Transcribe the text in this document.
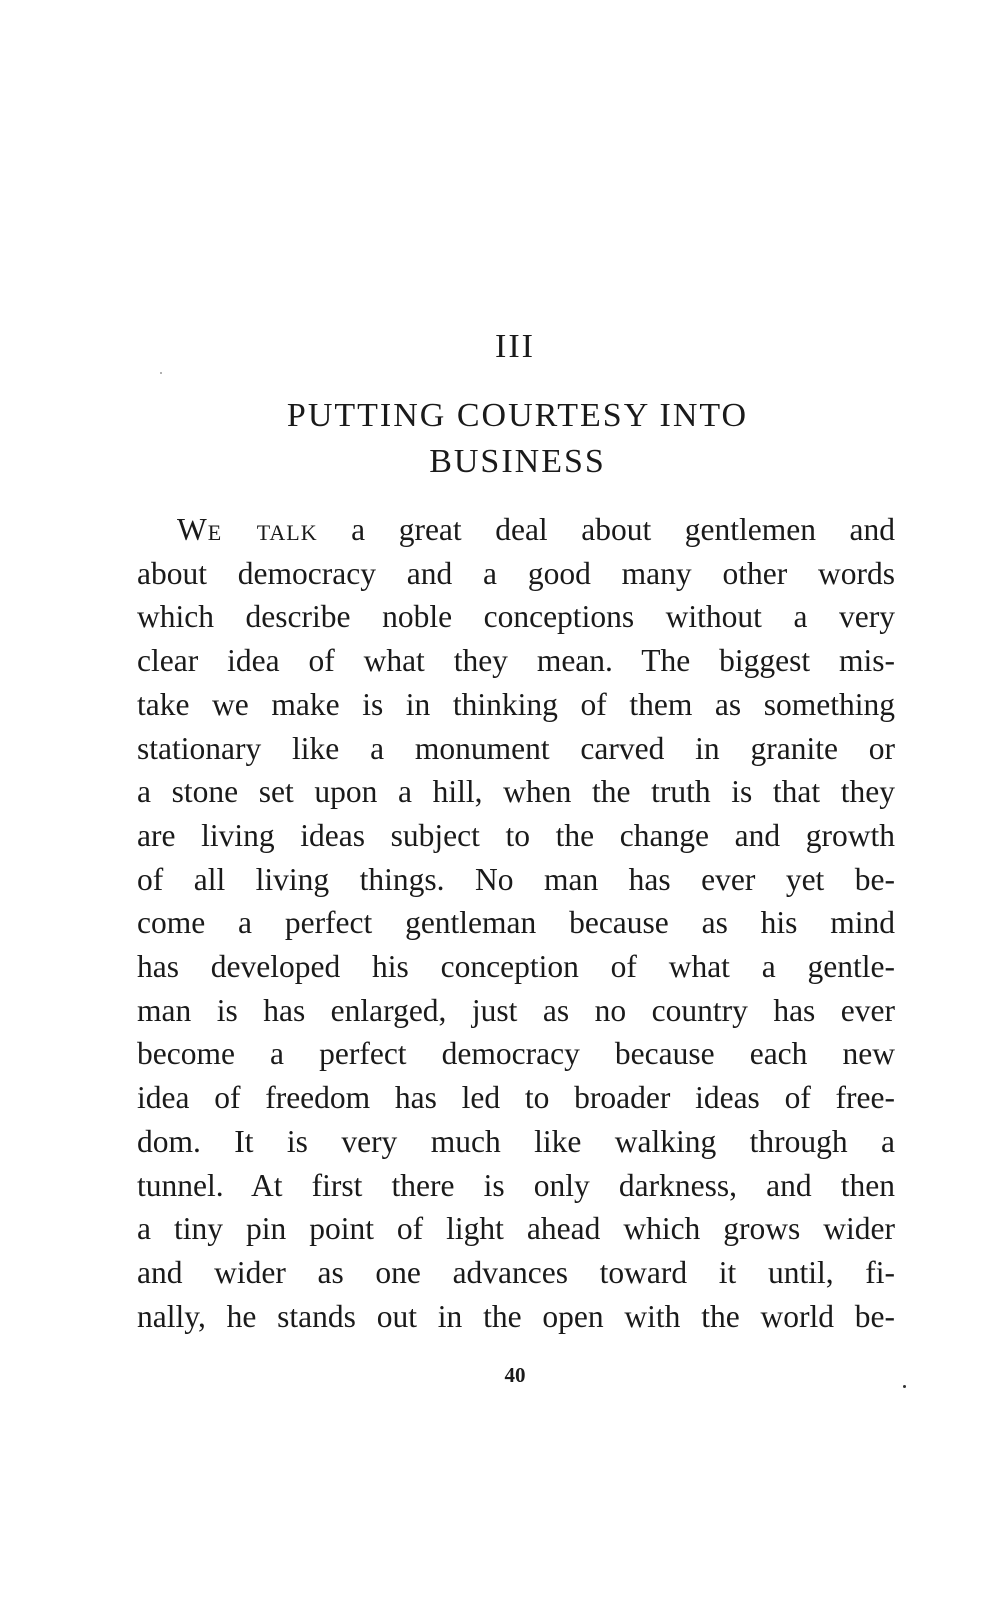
III
PUTTING COURTESY INTO
BUSINESS

We talk a great deal about gentlemen and
about democracy and a good many other words
which describe noble conceptions without a very
clear idea of what they mean. The biggest mis-
take we make is in thinking of them as something
stationary like a monument carved in granite or
a stone set upon a hill, when the truth is that they
are living ideas subject to the change and growth
of all living things. No man has ever yet be-
come a perfect gentleman because as his mind
has developed his conception of what a gentle-
man is has enlarged, just as no country has ever
become a perfect democracy because each new
idea of freedom has led to broader ideas of free-
dom. It is very much like walking through a
tunnel. At first there is only darkness, and then
a tiny pin point of light ahead which grows wider
and wider as one advances toward it until, fi-
nally, he stands out in the open with the world be-

40
